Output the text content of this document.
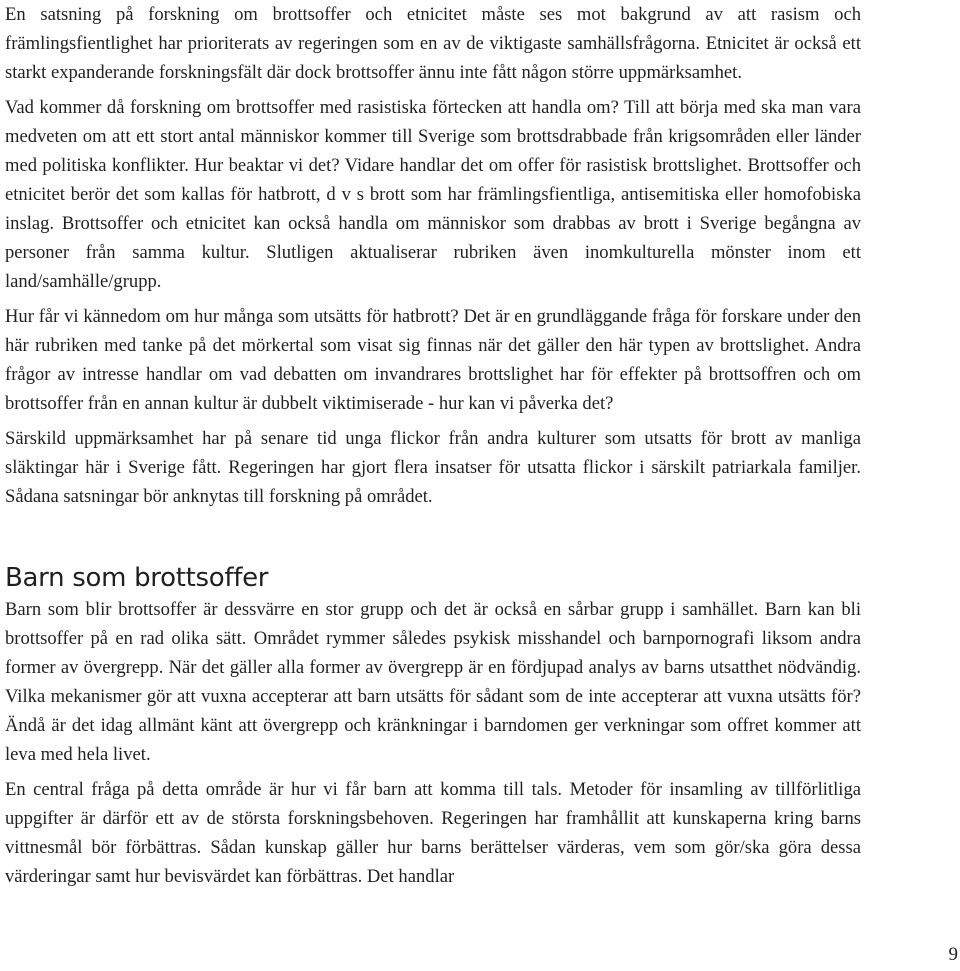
En satsning på forskning om brottsoffer och etnicitet måste ses mot bakgrund av att rasism och främlingsfientlighet har prioriterats av regeringen som en av de viktigaste samhällsfrågorna. Etnicitet är också ett starkt expanderande forskningsfält där dock brottsoffer ännu inte fått någon större uppmärksamhet.

Vad kommer då forskning om brottsoffer med rasistiska förtecken att handla om? Till att börja med ska man vara medveten om att ett stort antal människor kommer till Sverige som brottsdrabbade från krigsområden eller länder med politiska konflikter. Hur beaktar vi det? Vidare handlar det om offer för rasistisk brottslighet. Brottsoffer och etnicitet berör det som kallas för hatbrott, d v s brott som har främlingsfientliga, antisemitiska eller homofobiska inslag. Brottsoffer och etnicitet kan också handla om människor som drabbas av brott i Sverige begångna av personer från samma kultur. Slutligen aktualiserar rubriken även inomkulturella mönster inom ett land/samhälle/grupp.

Hur får vi kännedom om hur många som utsätts för hatbrott? Det är en grundläggande fråga för forskare under den här rubriken med tanke på det mörkertal som visat sig finnas när det gäller den här typen av brottslighet. Andra frågor av intresse handlar om vad debatten om invandrares brottslighet har för effekter på brottsoffren och om brottsoffer från en annan kultur är dubbelt viktimiserade - hur kan vi påverka det?

Särskild uppmärksamhet har på senare tid unga flickor från andra kulturer som utsatts för brott av manliga släktingar här i Sverige fått. Regeringen har gjort flera insatser för utsatta flickor i särskilt patriarkala familjer. Sådana satsningar bör anknytas till forskning på området.

Barn som brottsoffer

Barn som blir brottsoffer är dessvärre en stor grupp och det är också en sårbar grupp i samhället. Barn kan bli brottsoffer på en rad olika sätt. Området rymmer således psykisk misshandel och barnpornografi liksom andra former av övergrepp. När det gäller alla former av övergrepp är en fördjupad analys av barns utsatthet nödvändig. Vilka mekanismer gör att vuxna accepterar att barn utsätts för sådant som de inte accepterar att vuxna utsätts för? Ändå är det idag allmänt känt att övergrepp och kränkningar i barndomen ger verkningar som offret kommer att leva med hela livet.

En central fråga på detta område är hur vi får barn att komma till tals. Metoder för insamling av tillförlitliga uppgifter är därför ett av de största forskningsbehoven. Regeringen har framhållit att kunskaperna kring barns vittnesmål bör förbättras. Sådan kunskap gäller hur barns berättelser värderas, vem som gör/ska göra dessa värderingar samt hur bevisvärdet kan förbättras. Det handlar

9
